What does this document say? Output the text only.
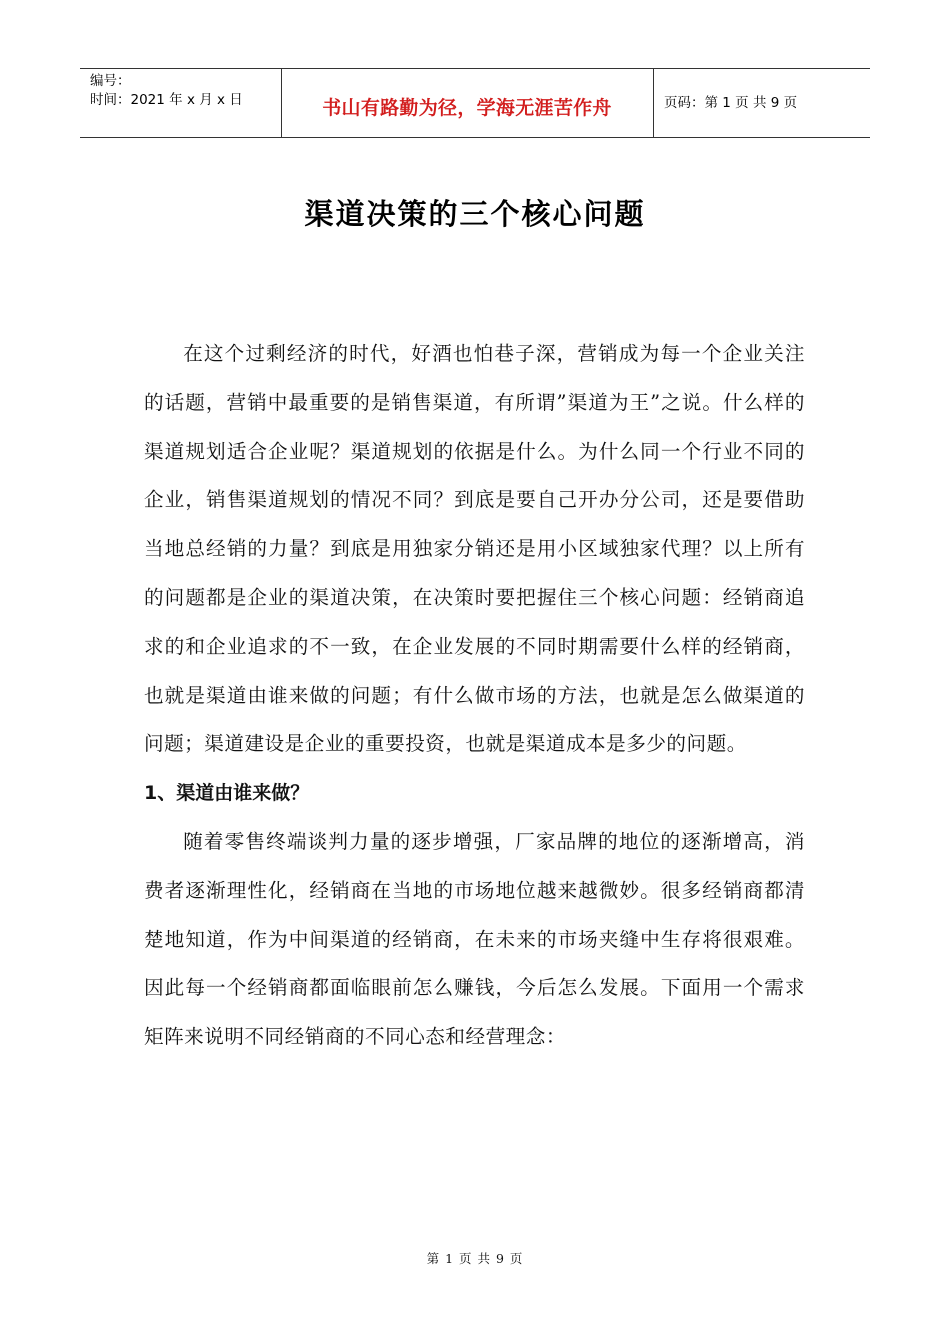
编号：
时间：2021 年 x 月 x 日	书山有路勤为径，学海无涯苦作舟	页码：第 1 页 共 9 页
渠道决策的三个核心问题

在这个过剩经济的时代，好酒也怕巷子深，营销成为每一个企业关注的话题，营销中最重要的是销售渠道，有所谓”渠道为王”之说。什么样的渠道规划适合企业呢？渠道规划的依据是什么。为什么同一个行业不同的企业，销售渠道规划的情况不同？到底是要自己开办分公司，还是要借助当地总经销的力量？到底是用独家分销还是用小区域独家代理？以上所有的问题都是企业的渠道决策，在决策时要把握住三个核心问题：经销商追求的和企业追求的不一致，在企业发展的不同时期需要什么样的经销商，也就是渠道由谁来做的问题；有什么做市场的方法，也就是怎么做渠道的问题；渠道建设是企业的重要投资，也就是渠道成本是多少的问题。

1、渠道由谁来做？

随着零售终端谈判力量的逐步增强，厂家品牌的地位的逐渐增高，消费者逐渐理性化，经销商在当地的市场地位越来越微妙。很多经销商都清楚地知道，作为中间渠道的经销商，在未来的市场夹缝中生存将很艰难。因此每一个经销商都面临眼前怎么赚钱，今后怎么发展。下面用一个需求矩阵来说明不同经销商的不同心态和经营理念：

第 1 页 共 9 页
